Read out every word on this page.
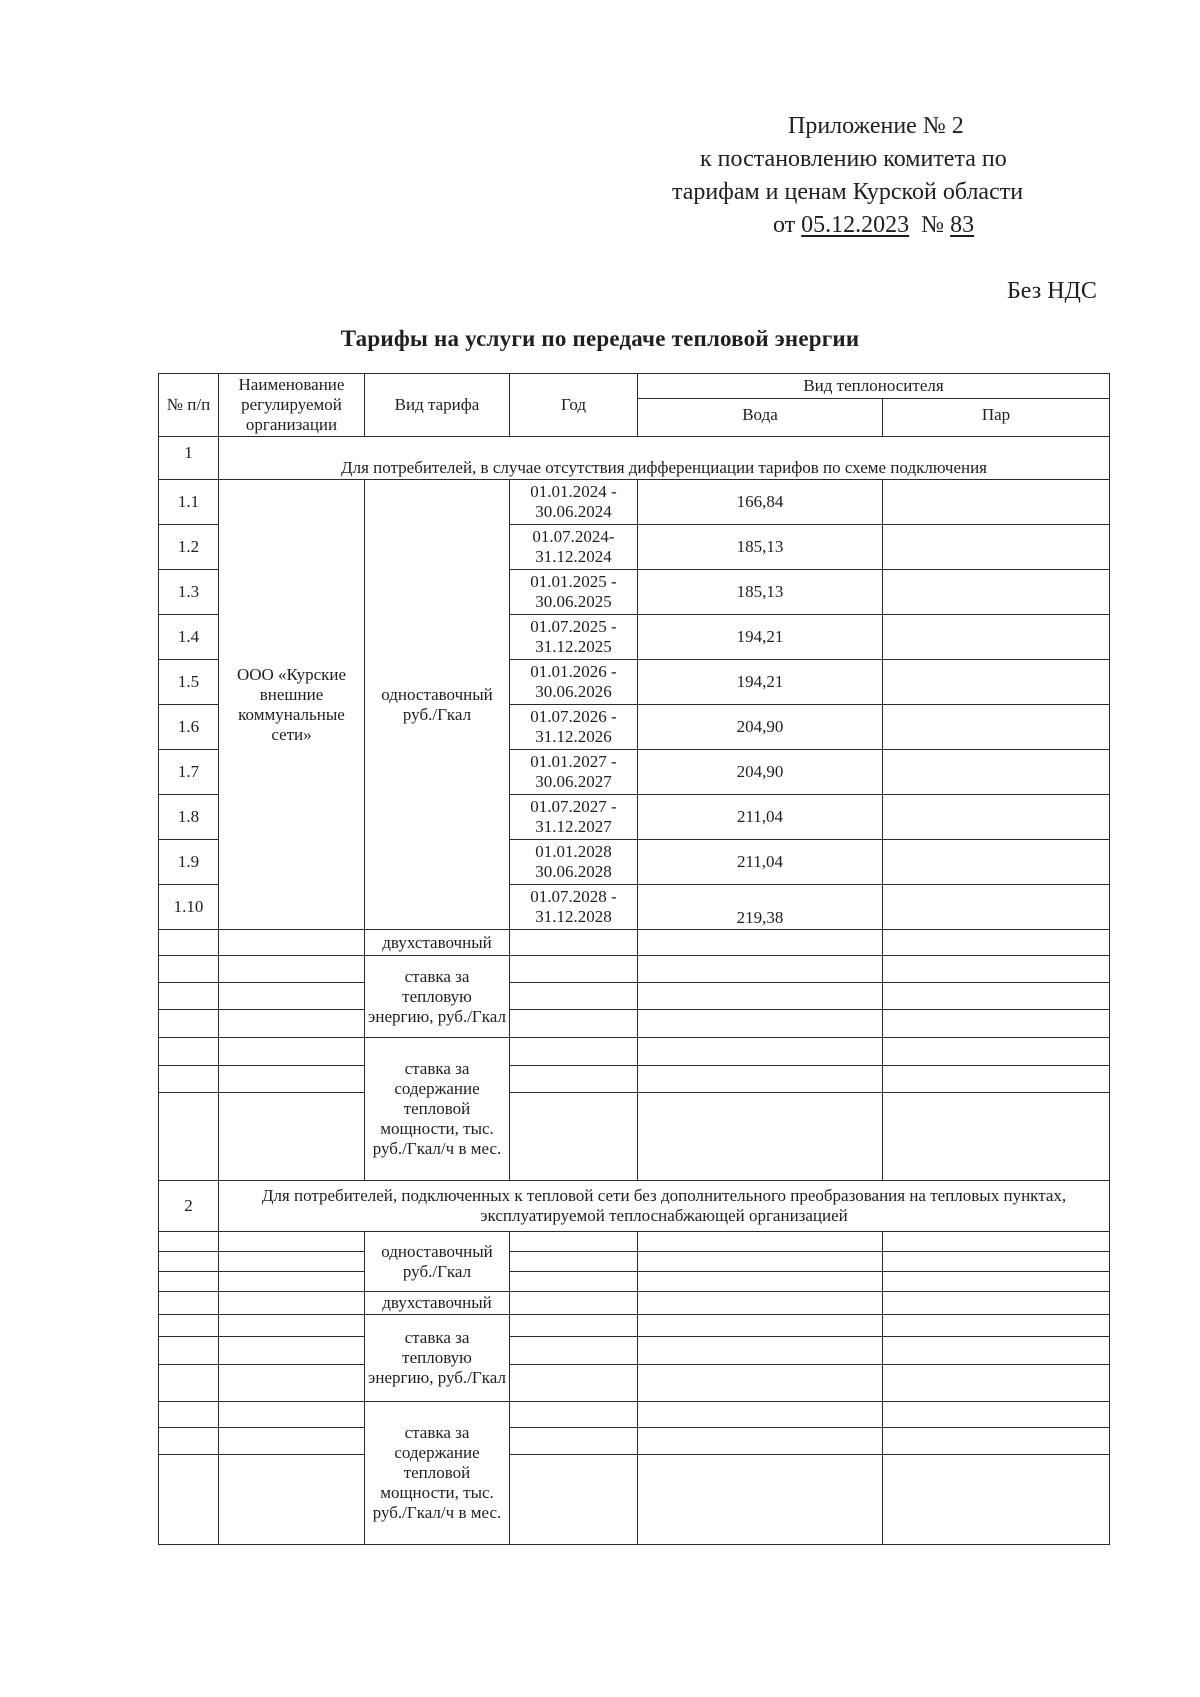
Приложение № 2
к постановлению комитета по
тарифам и ценам Курской области
от 05.12.2023 № 83
Без НДС
Тарифы на услуги по передаче тепловой энергии
№ п/п	Наименование регулируемой организации	Вид тарифа	Год	Вид теплоносителя	
				Вода	Пар
1	Для потребителей, в случае отсутствия дифференциации тарифов по схеме подключения				
1.1	ООО «Курские внешние коммунальные сети»	одноставочный руб./Гкал	01.01.2024 - 30.06.2024	166,84	
1.2			01.07.2024- 31.12.2024	185,13	
1.3			01.01.2025 - 30.06.2025	185,13	
1.4			01.07.2025 - 31.12.2025	194,21	
1.5			01.01.2026 - 30.06.2026	194,21	
1.6			01.07.2026 - 31.12.2026	204,90	
1.7			01.01.2027 - 30.06.2027	204,90	
1.8			01.07.2027 - 31.12.2027	211,04	
1.9			01.01.2028 30.06.2028	211,04	
1.10			01.07.2028 - 31.12.2028	219,38	
		двухставочный			
		ставка за тепловую энергию, руб./Гкал			

		ставка за содержание тепловой мощности, тыс. руб./Гкал/ч в мес.			

2	Для потребителей, подключенных к тепловой сети без дополнительного преобразования на тепловых пунктах, эксплуатируемой теплоснабжающей организацией				
		одноставочный руб./Гкал			

		двухставочный			
		ставка за тепловую энергию, руб./Гкал			

		ставка за содержание тепловой мощности, тыс. руб./Гкал/ч в мес.			
